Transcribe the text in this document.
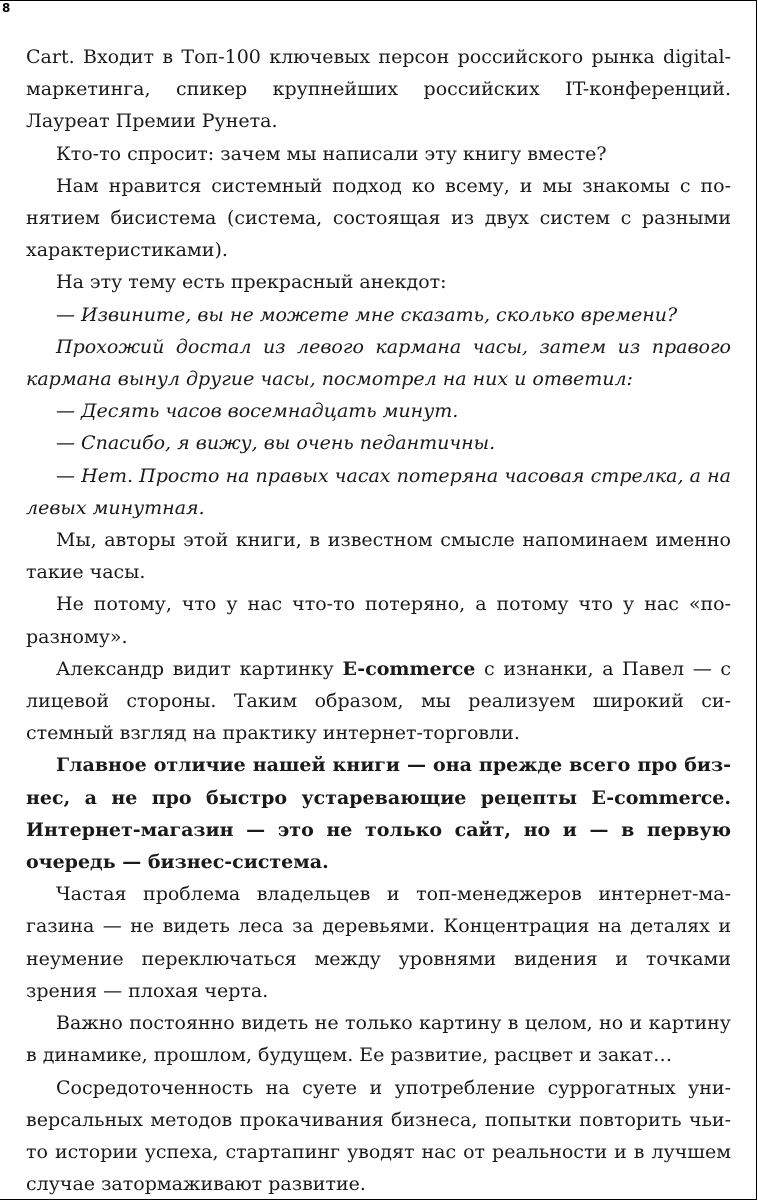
8

Cart. Входит в Топ-100 ключевых персон российского рынка digital-маркетинга, спикер крупнейших российских IT-конференций. Лауреат Премии Рунета.

Кто-то спросит: зачем мы написали эту книгу вместе?

Нам нравится системный подход ко всему, и мы знакомы с понятием бисистема (система, состоящая из двух систем с разными характеристиками).

На эту тему есть прекрасный анекдот:

— Извините, вы не можете мне сказать, сколько времени?

Прохожий достал из левого кармана часы, затем из правого кармана вынул другие часы, посмотрел на них и ответил:

— Десять часов восемнадцать минут.

— Спасибо, я вижу, вы очень педантичны.

— Нет. Просто на правых часах потеряна часовая стрелка, а на левых минутная.

Мы, авторы этой книги, в известном смысле напоминаем именно такие часы.

Не потому, что у нас что-то потеряно, а потому что у нас «по-разному».

Александр видит картинку E-commerce с изнанки, а Павел — с лицевой стороны. Таким образом, мы реализуем широкий системный взгляд на практику интернет-торговли.

Главное отличие нашей книги — она прежде всего про бизнес, а не про быстро устаревающие рецепты E-commerce. Интернет-магазин — это не только сайт, но и — в первую очередь — бизнес-система.

Частая проблема владельцев и топ-менеджеров интернет-магазина — не видеть леса за деревьями. Концентрация на деталях и неумение переключаться между уровнями видения и точками зрения — плохая черта.

Важно постоянно видеть не только картину в целом, но и картину в динамике, прошлом, будущем. Ее развитие, расцвет и закат…

Сосредоточенность на суете и употребление суррогатных универсальных методов прокачивания бизнеса, попытки повторить чьи-то истории успеха, стартапинг уводят нас от реальности и в лучшем случае затормаживают развитие.
